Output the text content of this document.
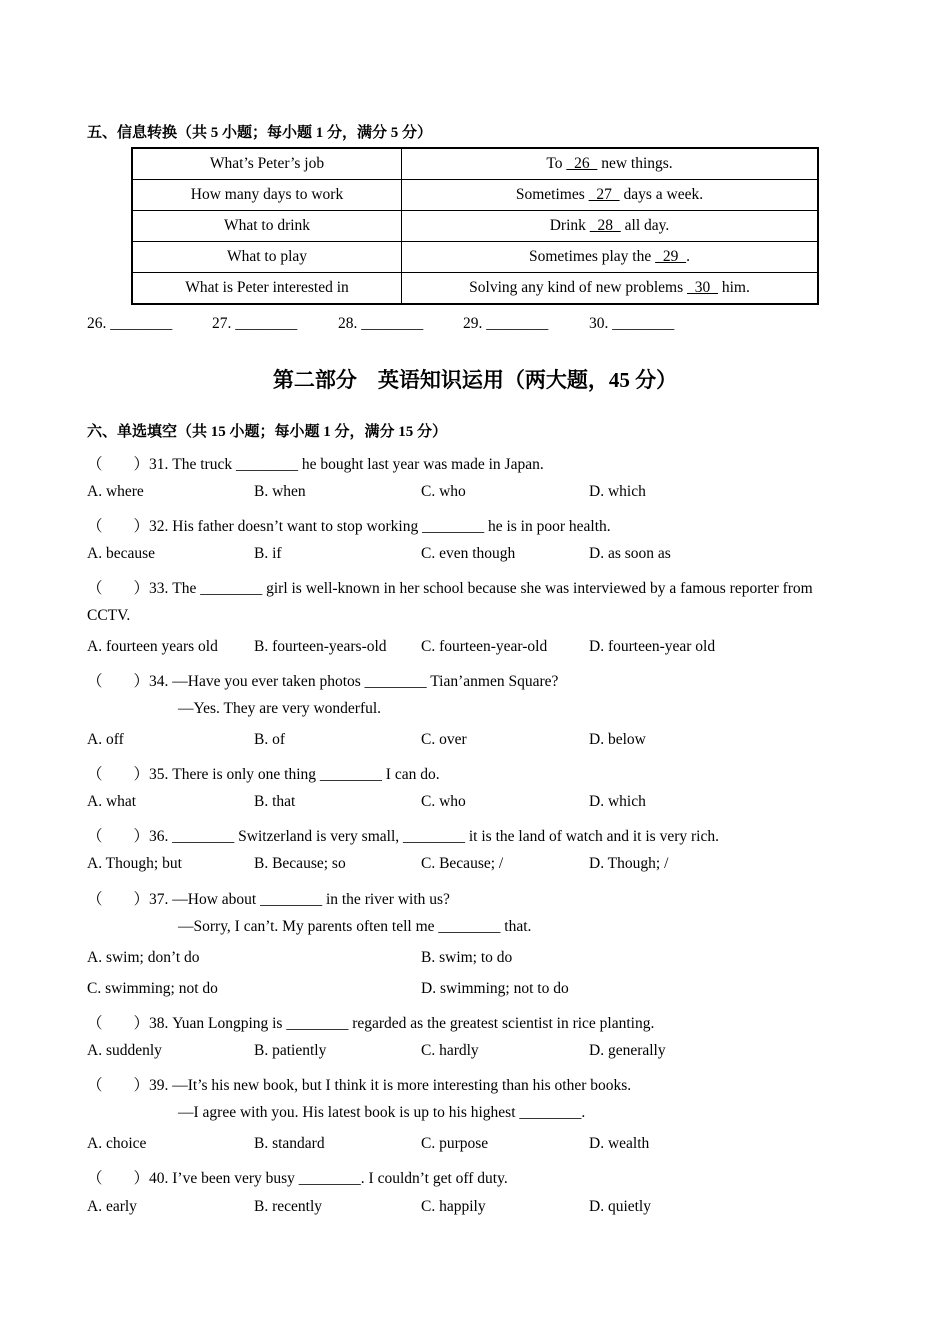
五、信息转换（共 5 小题；每小题 1 分，满分 5 分）
What’s Peter’s job	To   26   new things.
How many days to work	Sometimes   27   days a week.
What to drink	Drink   28   all day.
What to play	Sometimes play the   29  .
What is Peter interested in	Solving any kind of new problems   30   him.
26. ________	27. ________	28. ________	29. ________	30. ________
第二部分　英语知识运用（两大题，45 分）
六、单选填空（共 15 小题；每小题 1 分，满分 15 分）
（　　）31. The truck ________ he bought last year was made in Japan.
A. where	B. when	C. who	D. which
（　　）32. His father doesn’t want to stop working ________ he is in poor health.
A. because	B. if	C. even though	D. as soon as
（　　）33. The ________ girl is well-known in her school because she was interviewed by a famous reporter from
CCTV.
A. fourteen years old B. fourteen-years-old C. fourteen-year-old	D. fourteen-year old
（　　）34. —Have you ever taken photos ________ Tian’anmen Square?
—Yes. They are very wonderful.
A. off	B. of	C. over	D. below
（　　）35. There is only one thing ________ I can do.
A. what	B. that	C. who	D. which
（　　）36. ________ Switzerland is very small, ________ it is the land of watch and it is very rich.
A. Though; but	B. Because; so	C. Because; /	D. Though; /
（　　）37. —How about ________ in the river with us?
—Sorry, I can’t. My parents often tell me ________ that.
A. swim; don’t do	B. swim; to do
C. swimming; not do	D. swimming; not to do
（　　）38. Yuan Longping is ________ regarded as the greatest scientist in rice planting.
A. suddenly	B. patiently	C. hardly	D. generally
（　　）39. —It’s his new book, but I think it is more interesting than his other books.
—I agree with you. His latest book is up to his highest ________.
A. choice	B. standard	C. purpose	D. wealth
（　　）40. I’ve been very busy ________. I couldn’t get off duty.
A. early	B. recently	C. happily	D. quietly
